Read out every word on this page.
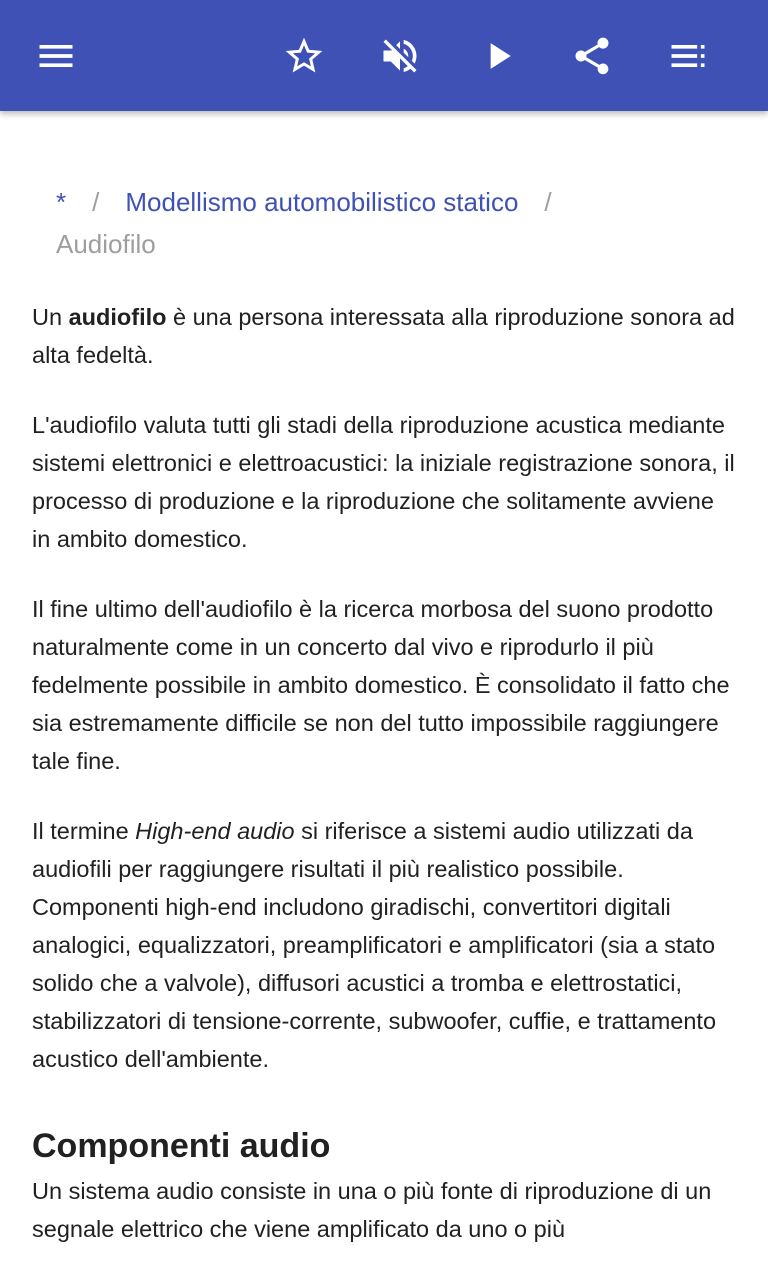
* / Modellismo automobilistico statico /
Audiofilo

Un audiofilo è una persona interessata alla riproduzione sonora ad alta fedeltà.

L'audiofilo valuta tutti gli stadi della riproduzione acustica mediante sistemi elettronici e elettroacustici: la iniziale registrazione sonora, il processo di produzione e la riproduzione che solitamente avviene in ambito domestico.

Il fine ultimo dell'audiofilo è la ricerca morbosa del suono prodotto naturalmente come in un concerto dal vivo e riprodurlo il più fedelmente possibile in ambito domestico. È consolidato il fatto che sia estremamente difficile se non del tutto impossibile raggiungere tale fine.

Il termine High-end audio si riferisce a sistemi audio utilizzati da audiofili per raggiungere risultati il più realistico possibile. Componenti high-end includono giradischi, convertitori digitali analogici, equalizzatori, preamplificatori e amplificatori (sia a stato solido che a valvole), diffusori acustici a tromba e elettrostatici, stabilizzatori di tensione-corrente, subwoofer, cuffie, e trattamento acustico dell'ambiente.

Componenti audio

Un sistema audio consiste in una o più fonte di riproduzione di un segnale elettrico che viene amplificato da uno o più
